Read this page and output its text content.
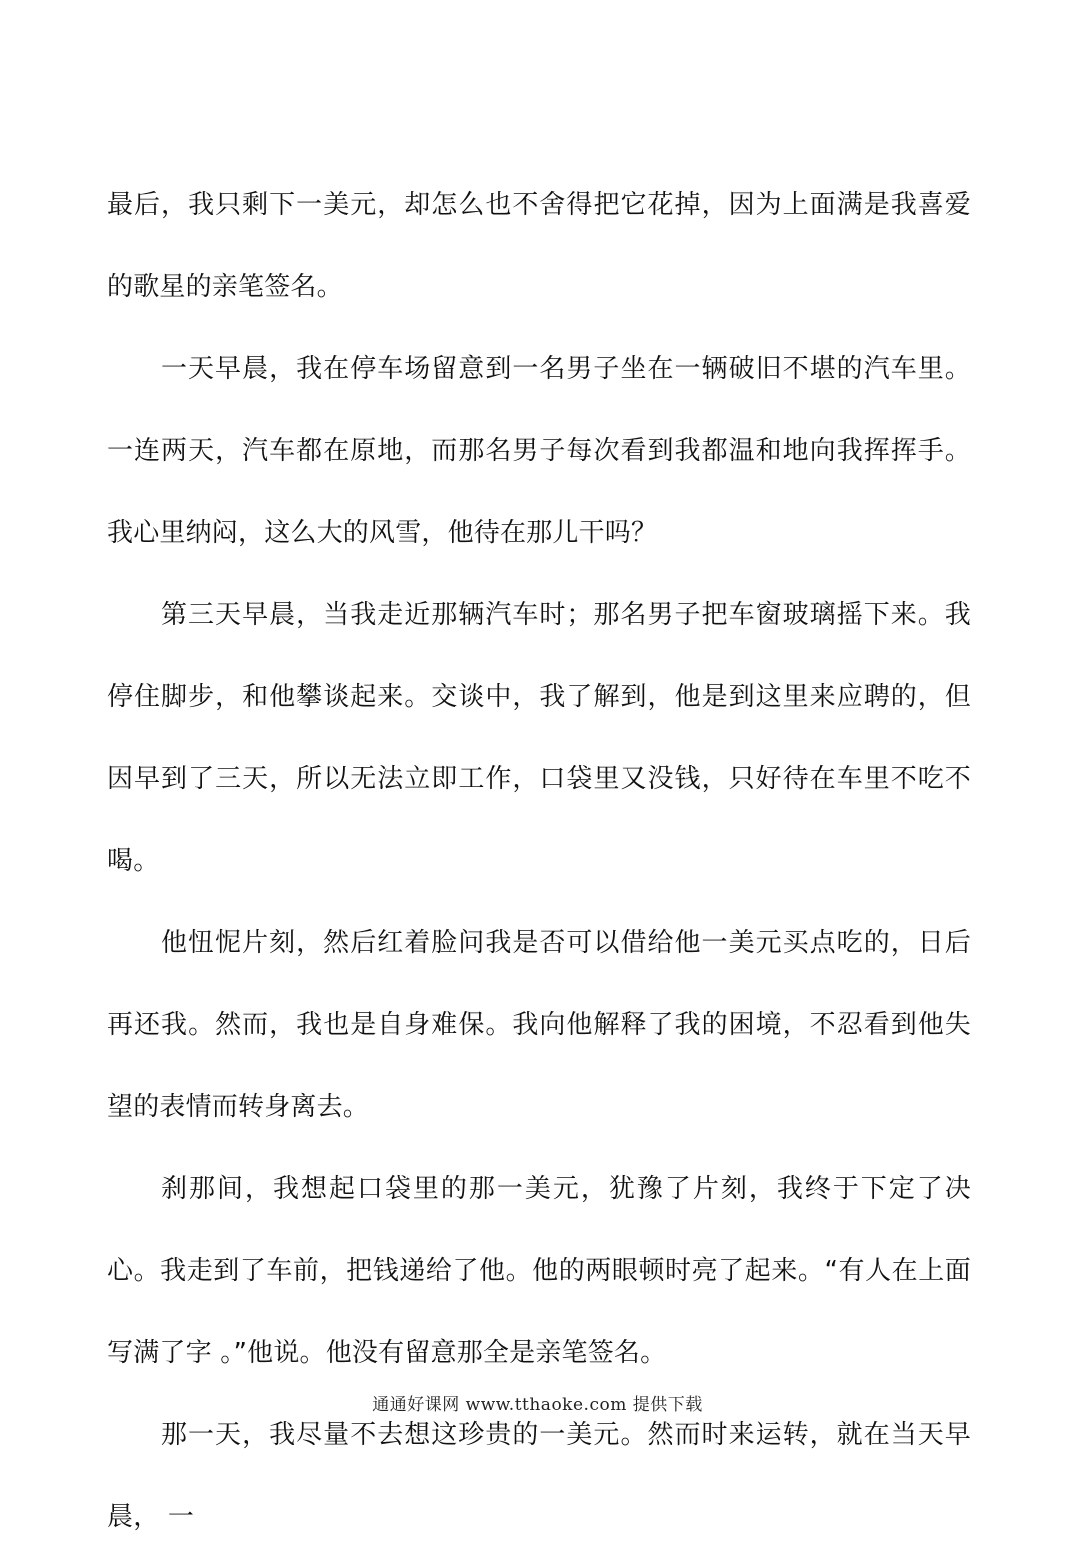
最后，我只剩下一美元，却怎么也不舍得把它花掉，因为上面满是我喜爱的歌星的亲笔签名。

一天早晨，我在停车场留意到一名男子坐在一辆破旧不堪的汽车里。一连两天，汽车都在原地，而那名男子每次看到我都温和地向我挥挥手。我心里纳闷，这么大的风雪，他待在那儿干吗？

第三天早晨，当我走近那辆汽车时；那名男子把车窗玻璃摇下来。我停住脚步，和他攀谈起来。交谈中，我了解到，他是到这里来应聘的，但因早到了三天，所以无法立即工作，口袋里又没钱，只好待在车里不吃不喝。

他忸怩片刻，然后红着脸问我是否可以借给他一美元买点吃的，日后再还我。然而，我也是自身难保。我向他解释了我的困境，不忍看到他失望的表情而转身离去。

刹那间，我想起口袋里的那一美元，犹豫了片刻，我终于下定了决心。我走到了车前，把钱递给了他。他的两眼顿时亮了起来。“有人在上面写满了字 。”他说。他没有留意那全是亲笔签名。

那一天，我尽量不去想这珍贵的一美元。然而时来运转，就在当天早晨， 一

通通好课网 www.tthaoke.com 提供下载
